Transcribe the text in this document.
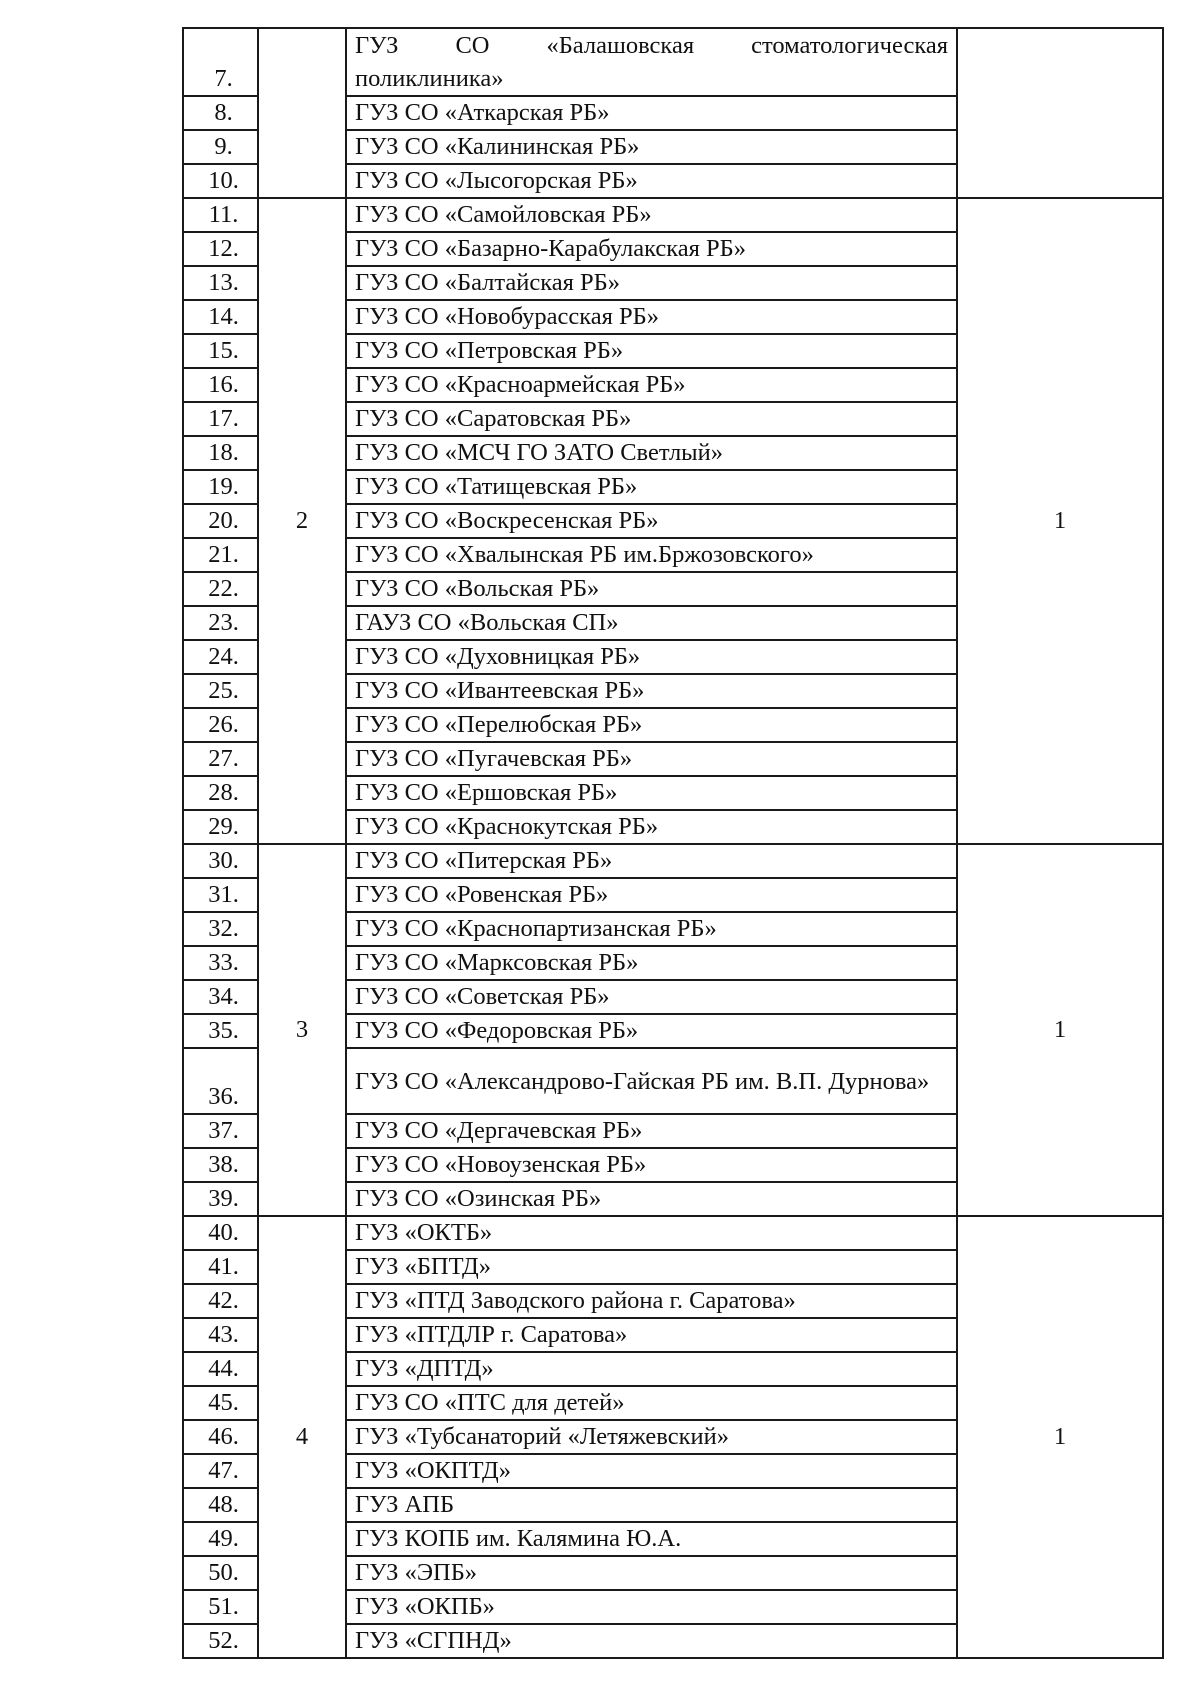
7.		ГУЗ СО «Балашовская стоматологическая поликлиника»	
8.		ГУЗ СО «Аткарская РБ»	
9.		ГУЗ СО «Калининская РБ»	
10.		ГУЗ СО «Лысогорская РБ»	
11.	2	ГУЗ СО «Самойловская РБ»	1
12.		ГУЗ СО «Базарно-Карабулакская РБ»	
13.		ГУЗ СО «Балтайская РБ»	
14.		ГУЗ СО «Новобурасская РБ»	
15.		ГУЗ СО «Петровская РБ»	
16.		ГУЗ СО «Красноармейская РБ»	
17.		ГУЗ СО «Саратовская РБ»	
18.		ГУЗ СО «МСЧ ГО ЗАТО Светлый»	
19.		ГУЗ СО «Татищевская РБ»	
20.		ГУЗ СО «Воскресенская РБ»	
21.		ГУЗ СО «Хвалынская РБ им.Бржозовского»	
22.		ГУЗ СО «Вольская РБ»	
23.		ГАУЗ СО «Вольская СП»	
24.		ГУЗ СО «Духовницкая РБ»	
25.		ГУЗ СО «Ивантеевская РБ»	
26.		ГУЗ СО «Перелюбская РБ»	
27.		ГУЗ СО «Пугачевская РБ»	
28.		ГУЗ СО «Ершовская РБ»	
29.		ГУЗ СО «Краснокутская РБ»	
30.	3	ГУЗ СО «Питерская РБ»	1
31.		ГУЗ СО «Ровенская РБ»	
32.		ГУЗ СО «Краснопартизанская РБ»	
33.		ГУЗ СО «Марксовская РБ»	
34.		ГУЗ СО «Советская РБ»	
35.		ГУЗ СО «Федоровская РБ»	
36.		ГУЗ СО «Александрово-Гайская РБ им. В.П. Дурнова»	
37.		ГУЗ СО «Дергачевская РБ»	
38.		ГУЗ СО «Новоузенская РБ»	
39.		ГУЗ СО «Озинская РБ»	
40.	4	ГУЗ «ОКТБ»	1
41.		ГУЗ «БПТД»	
42.		ГУЗ «ПТД Заводского района г. Саратова»	
43.		ГУЗ «ПТДЛР г. Саратова»	
44.		ГУЗ «ДПТД»	
45.		ГУЗ СО «ПТС для детей»	
46.		ГУЗ «Тубсанаторий «Летяжевский»	
47.		ГУЗ «ОКПТД»	
48.		ГУЗ АПБ	
49.		ГУЗ КОПБ им. Калямина Ю.А.	
50.		ГУЗ «ЭПБ»	
51.		ГУЗ «ОКПБ»	
52.		ГУЗ «СГПНД»	
